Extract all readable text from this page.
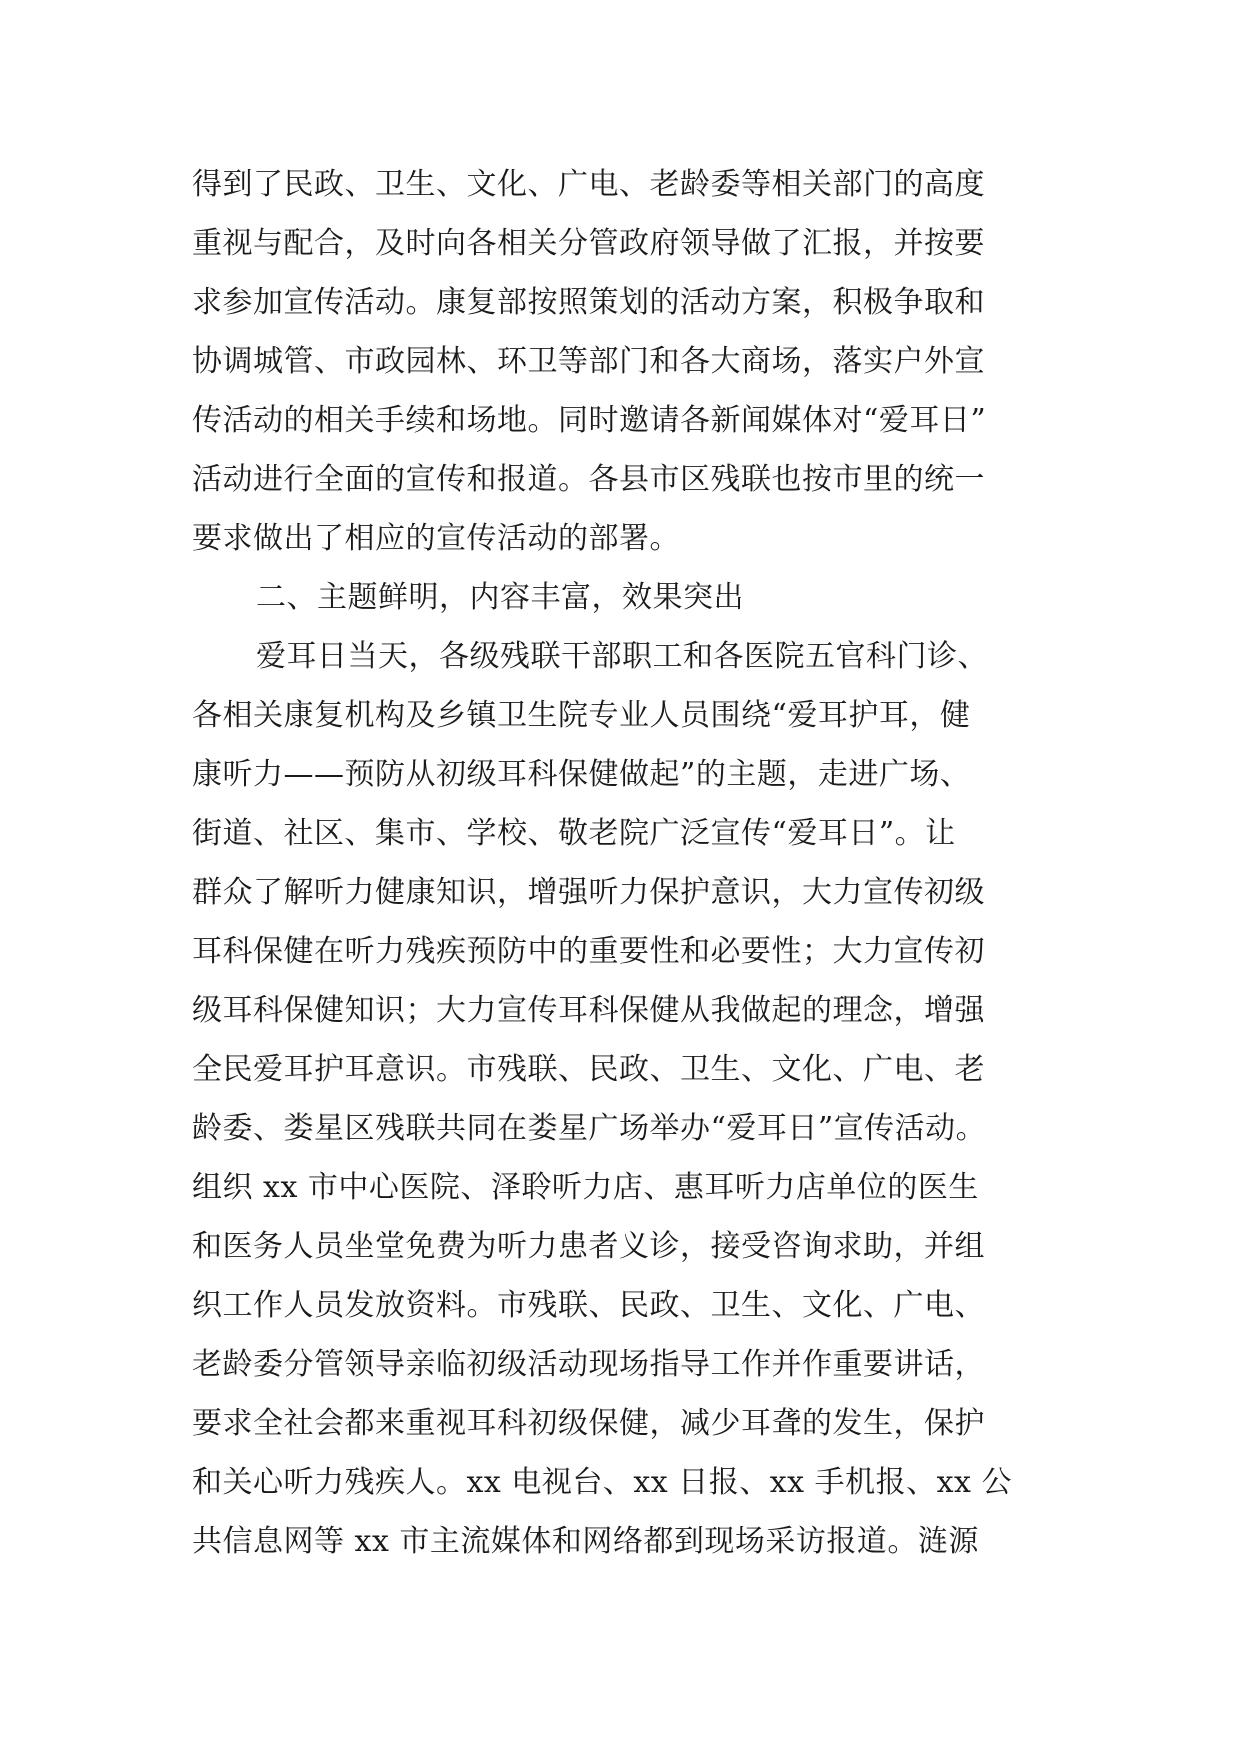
得到了民政、卫生、文化、广电、老龄委等相关部门的高度
重视与配合，及时向各相关分管政府领导做了汇报，并按要
求参加宣传活动。康复部按照策划的活动方案，积极争取和
协调城管、市政园林、环卫等部门和各大商场，落实户外宣
传活动的相关手续和场地。同时邀请各新闻媒体对“爱耳日”
活动进行全面的宣传和报道。各县市区残联也按市里的统一
要求做出了相应的宣传活动的部署。
二、主题鲜明，内容丰富，效果突出
爱耳日当天，各级残联干部职工和各医院五官科门诊、
各相关康复机构及乡镇卫生院专业人员围绕“爱耳护耳，健
康听力——预防从初级耳科保健做起”的主题，走进广场、
街道、社区、集市、学校、敬老院广泛宣传“爱耳日”。让
群众了解听力健康知识，增强听力保护意识，大力宣传初级
耳科保健在听力残疾预防中的重要性和必要性；大力宣传初
级耳科保健知识；大力宣传耳科保健从我做起的理念，增强
全民爱耳护耳意识。市残联、民政、卫生、文化、广电、老
龄委、娄星区残联共同在娄星广场举办“爱耳日”宣传活动。
组织 xx 市中心医院、泽聆听力店、惠耳听力店单位的医生
和医务人员坐堂免费为听力患者义诊，接受咨询求助，并组
织工作人员发放资料。市残联、民政、卫生、文化、广电、
老龄委分管领导亲临初级活动现场指导工作并作重要讲话，
要求全社会都来重视耳科初级保健，减少耳聋的发生，保护
和关心听力残疾人。xx 电视台、xx 日报、xx 手机报、xx 公
共信息网等 xx 市主流媒体和网络都到现场采访报道。涟源
